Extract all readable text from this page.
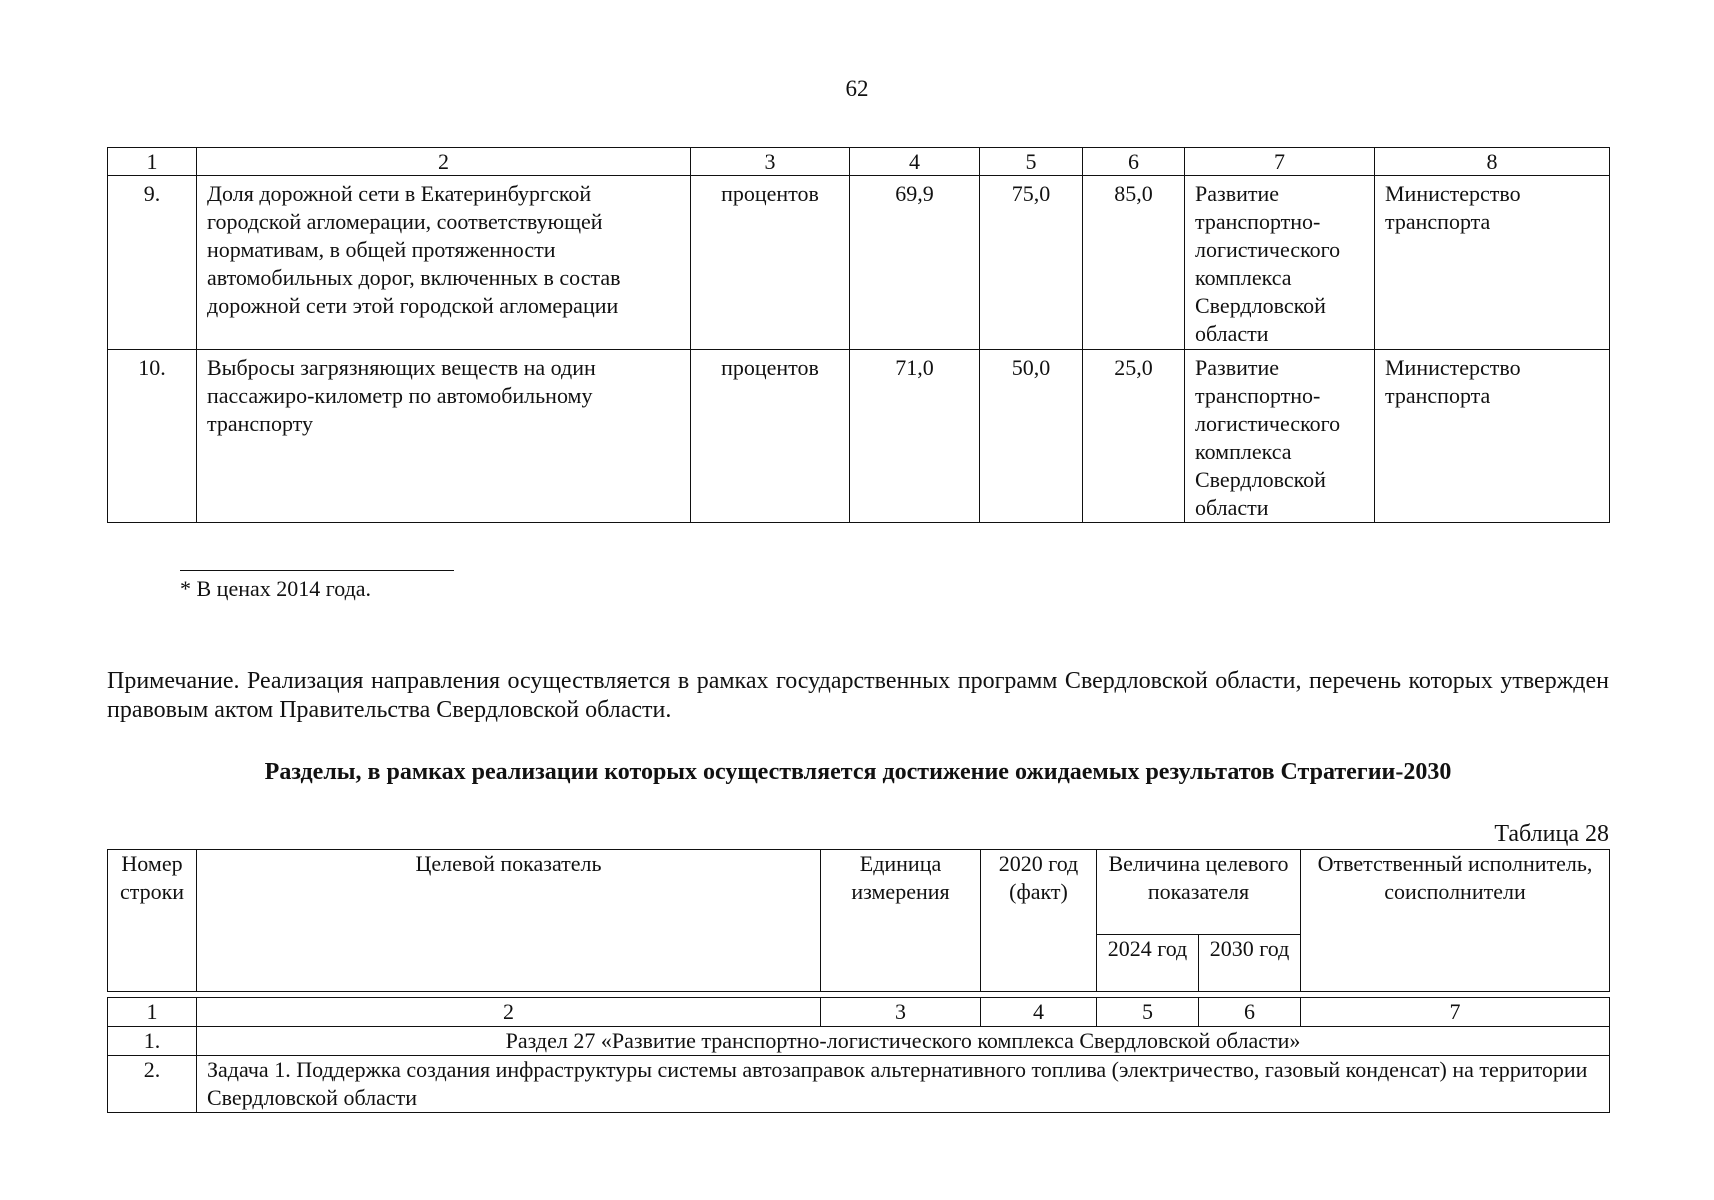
62
1	2	3	4	5	6	7	8
9.	Доля дорожной сети в Екатеринбургской городской агломерации, соответствующей нормативам, в общей протяженности автомобильных дорог, включенных в состав дорожной сети этой городской агломерации	процентов	69,9	75,0	85,0	Развитие транспортно-логистического комплекса Свердловской области	Министерство транспорта
10.	Выбросы загрязняющих веществ на один пассажиро-километр по автомобильному транспорту	процентов	71,0	50,0	25,0	Развитие транспортно-логистического комплекса Свердловской области	Министерство транспорта
* В ценах 2014 года.
Примечание. Реализация направления осуществляется в рамках государственных программ Свердловской области, перечень которых утвержден правовым актом Правительства Свердловской области.
Разделы, в рамках реализации которых осуществляется достижение ожидаемых результатов Стратегии-2030
Таблица 28
Номер строки	Целевой показатель	Единица измерения	2020 год (факт)	Величина целевого показателя		Ответственный исполнитель, соисполнители
				2024 год	2030 год	

1	2	3	4	5	6	7
1.	Раздел 27 «Развитие транспортно-логистического комплекса Свердловской области»					
2.	Задача 1. Поддержка создания инфраструктуры системы автозаправок альтернативного топлива (электричество, газовый конденсат) на территории Свердловской области					
